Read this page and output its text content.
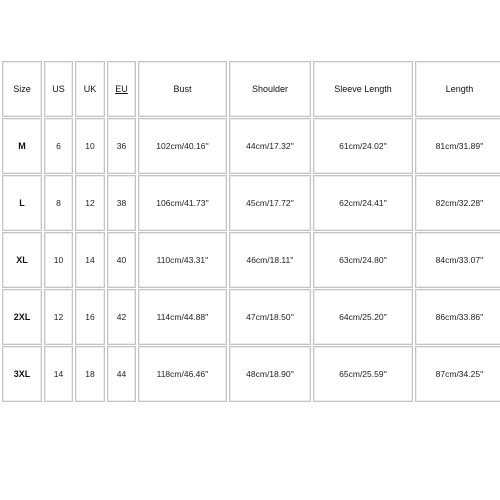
Size	US	UK	EU	Bust	Shoulder	Sleeve Length	Length
M	6	10	36	102cm/40.16''	44cm/17.32''	61cm/24.02''	81cm/31.89''
L	8	12	38	106cm/41.73''	45cm/17.72''	62cm/24.41''	82cm/32.28''
XL	10	14	40	110cm/43.31''	46cm/18.11''	63cm/24.80''	84cm/33.07''
2XL	12	16	42	114cm/44.88''	47cm/18.50''	64cm/25.20''	86cm/33.86''
3XL	14	18	44	118cm/46.46''	48cm/18.90''	65cm/25.59''	87cm/34.25''
